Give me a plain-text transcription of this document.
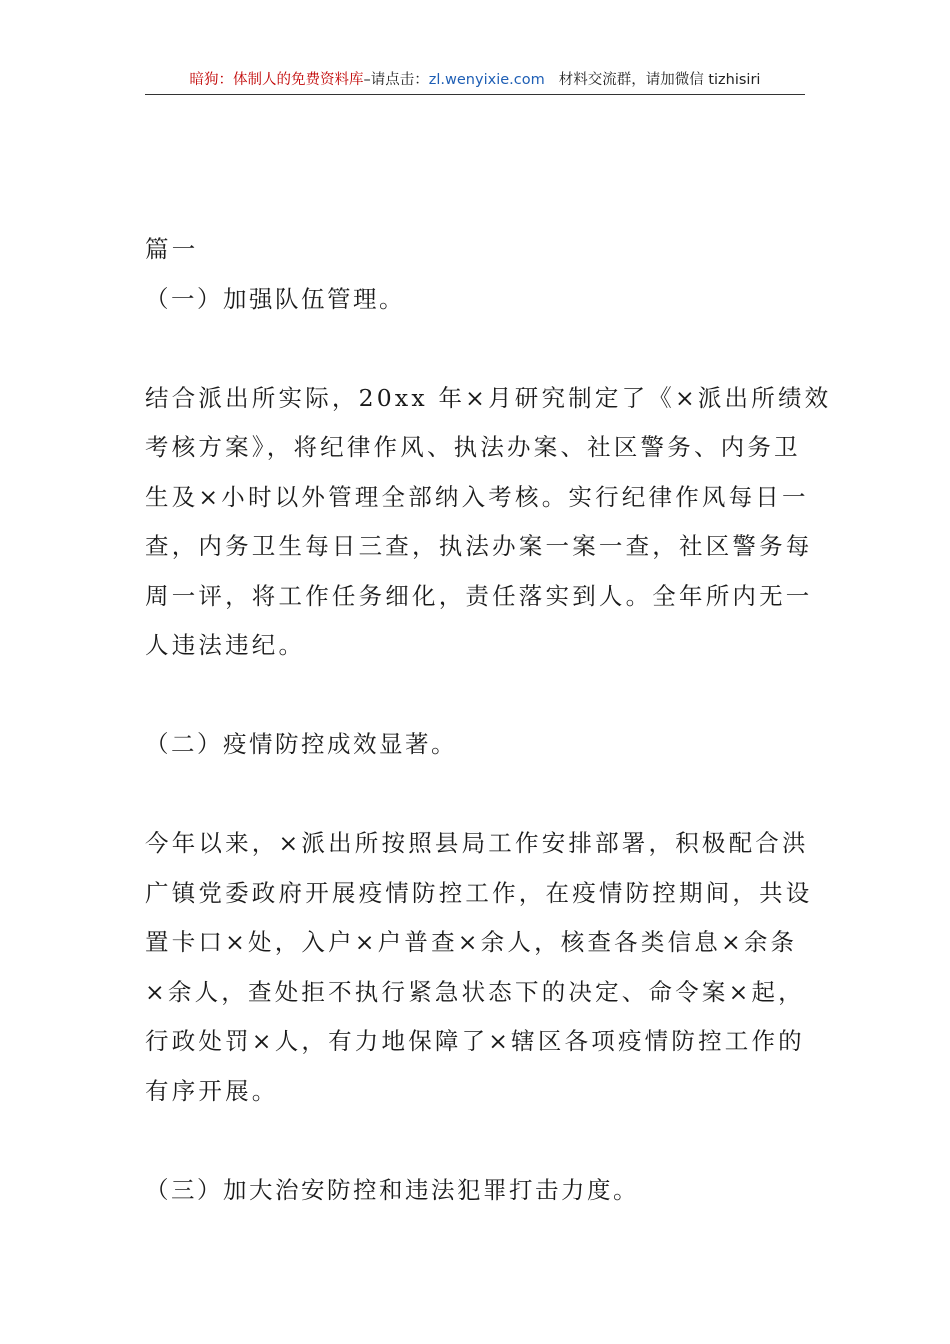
暗狗：体制人的免费资料库–请点击：zl.wenyixie.com 材料交流群，请加微信 tizhisiri
篇一
（一）加强队伍管理。
结合派出所实际，20xx 年×月研究制定了《×派出所绩效
考核方案》，将纪律作风、执法办案、社区警务、内务卫
生及×小时以外管理全部纳入考核。实行纪律作风每日一
查，内务卫生每日三查，执法办案一案一查，社区警务每
周一评，将工作任务细化，责任落实到人。全年所内无一
人违法违纪。
（二）疫情防控成效显著。
今年以来，×派出所按照县局工作安排部署，积极配合洪
广镇党委政府开展疫情防控工作，在疫情防控期间，共设
置卡口×处，入户×户普查×余人，核查各类信息×余条
×余人，查处拒不执行紧急状态下的决定、命令案×起，
行政处罚×人，有力地保障了×辖区各项疫情防控工作的
有序开展。
（三）加大治安防控和违法犯罪打击力度。
